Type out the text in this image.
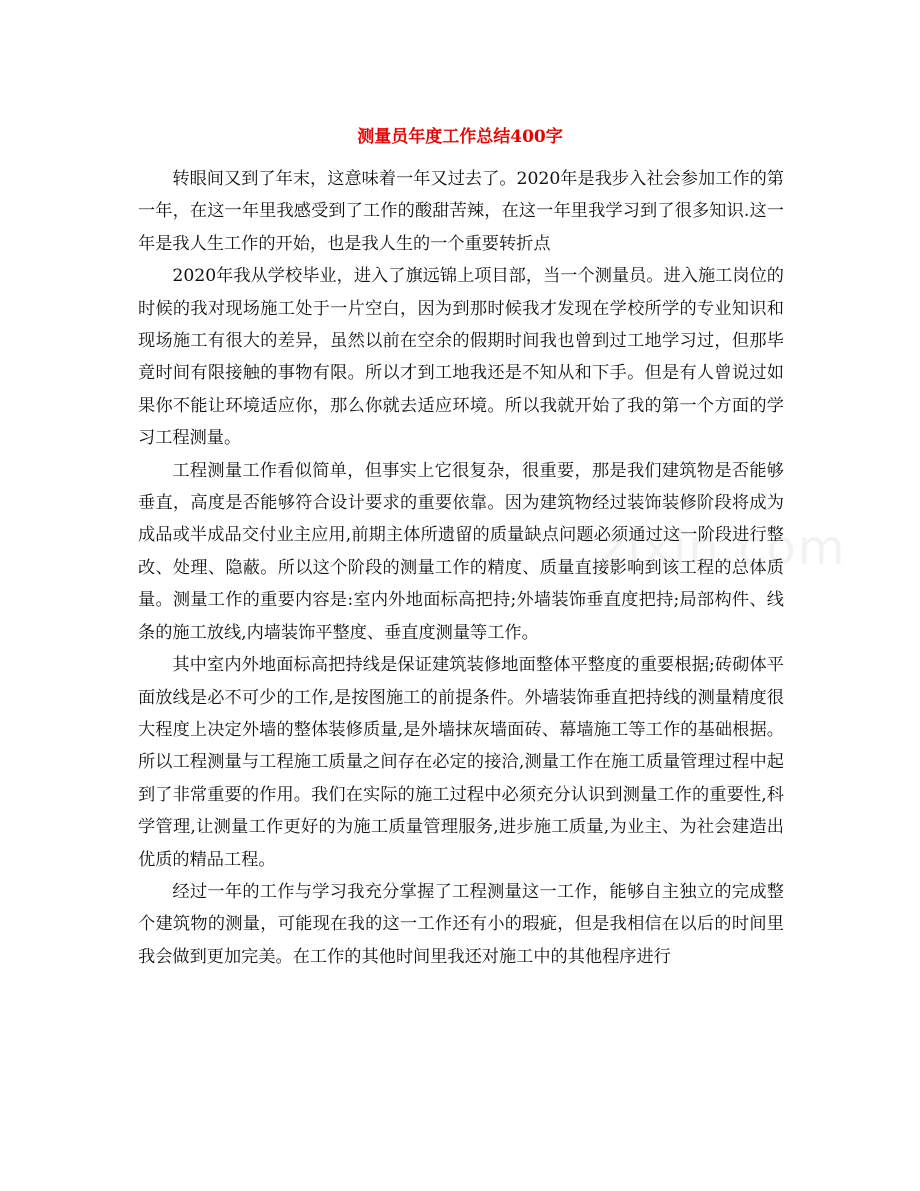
zixin.com
测量员年度工作总结400字

转眼间又到了年末，这意味着一年又过去了。2020年是我步入社会参加工作的第一年，在这一年里我感受到了工作的酸甜苦辣，在这一年里我学习到了很多知识.这一年是我人生工作的开始，也是我人生的一个重要转折点

2020年我从学校毕业，进入了旗远锦上项目部，当一个测量员。进入施工岗位的时候的我对现场施工处于一片空白，因为到那时候我才发现在学校所学的专业知识和现场施工有很大的差异，虽然以前在空余的假期时间我也曾到过工地学习过，但那毕竟时间有限接触的事物有限。所以才到工地我还是不知从和下手。但是有人曾说过如果你不能让环境适应你，那么你就去适应环境。所以我就开始了我的第一个方面的学习工程测量。

工程测量工作看似简单，但事实上它很复杂，很重要，那是我们建筑物是否能够垂直，高度是否能够符合设计要求的重要依靠。因为建筑物经过装饰装修阶段将成为成品或半成品交付业主应用,前期主体所遗留的质量缺点问题必须通过这一阶段进行整改、处理、隐蔽。所以这个阶段的测量工作的精度、质量直接影响到该工程的总体质量。测量工作的重要内容是:室内外地面标高把持;外墙装饰垂直度把持;局部构件、线条的施工放线,内墙装饰平整度、垂直度测量等工作。

其中室内外地面标高把持线是保证建筑装修地面整体平整度的重要根据;砖砌体平面放线是必不可少的工作,是按图施工的前提条件。外墙装饰垂直把持线的测量精度很大程度上决定外墙的整体装修质量,是外墙抹灰墙面砖、幕墙施工等工作的基础根据。 所以工程测量与工程施工质量之间存在必定的接洽,测量工作在施工质量管理过程中起到了非常重要的作用。我们在实际的施工过程中必须充分认识到测量工作的重要性,科学管理,让测量工作更好的为施工质量管理服务,进步施工质量,为业主、为社会建造出优质的精品工程。

经过一年的工作与学习我充分掌握了工程测量这一工作，能够自主独立的完成整个建筑物的测量，可能现在我的这一工作还有小的瑕疵，但是我相信在以后的时间里我会做到更加完美。在工作的其他时间里我还对施工中的其他程序进行
